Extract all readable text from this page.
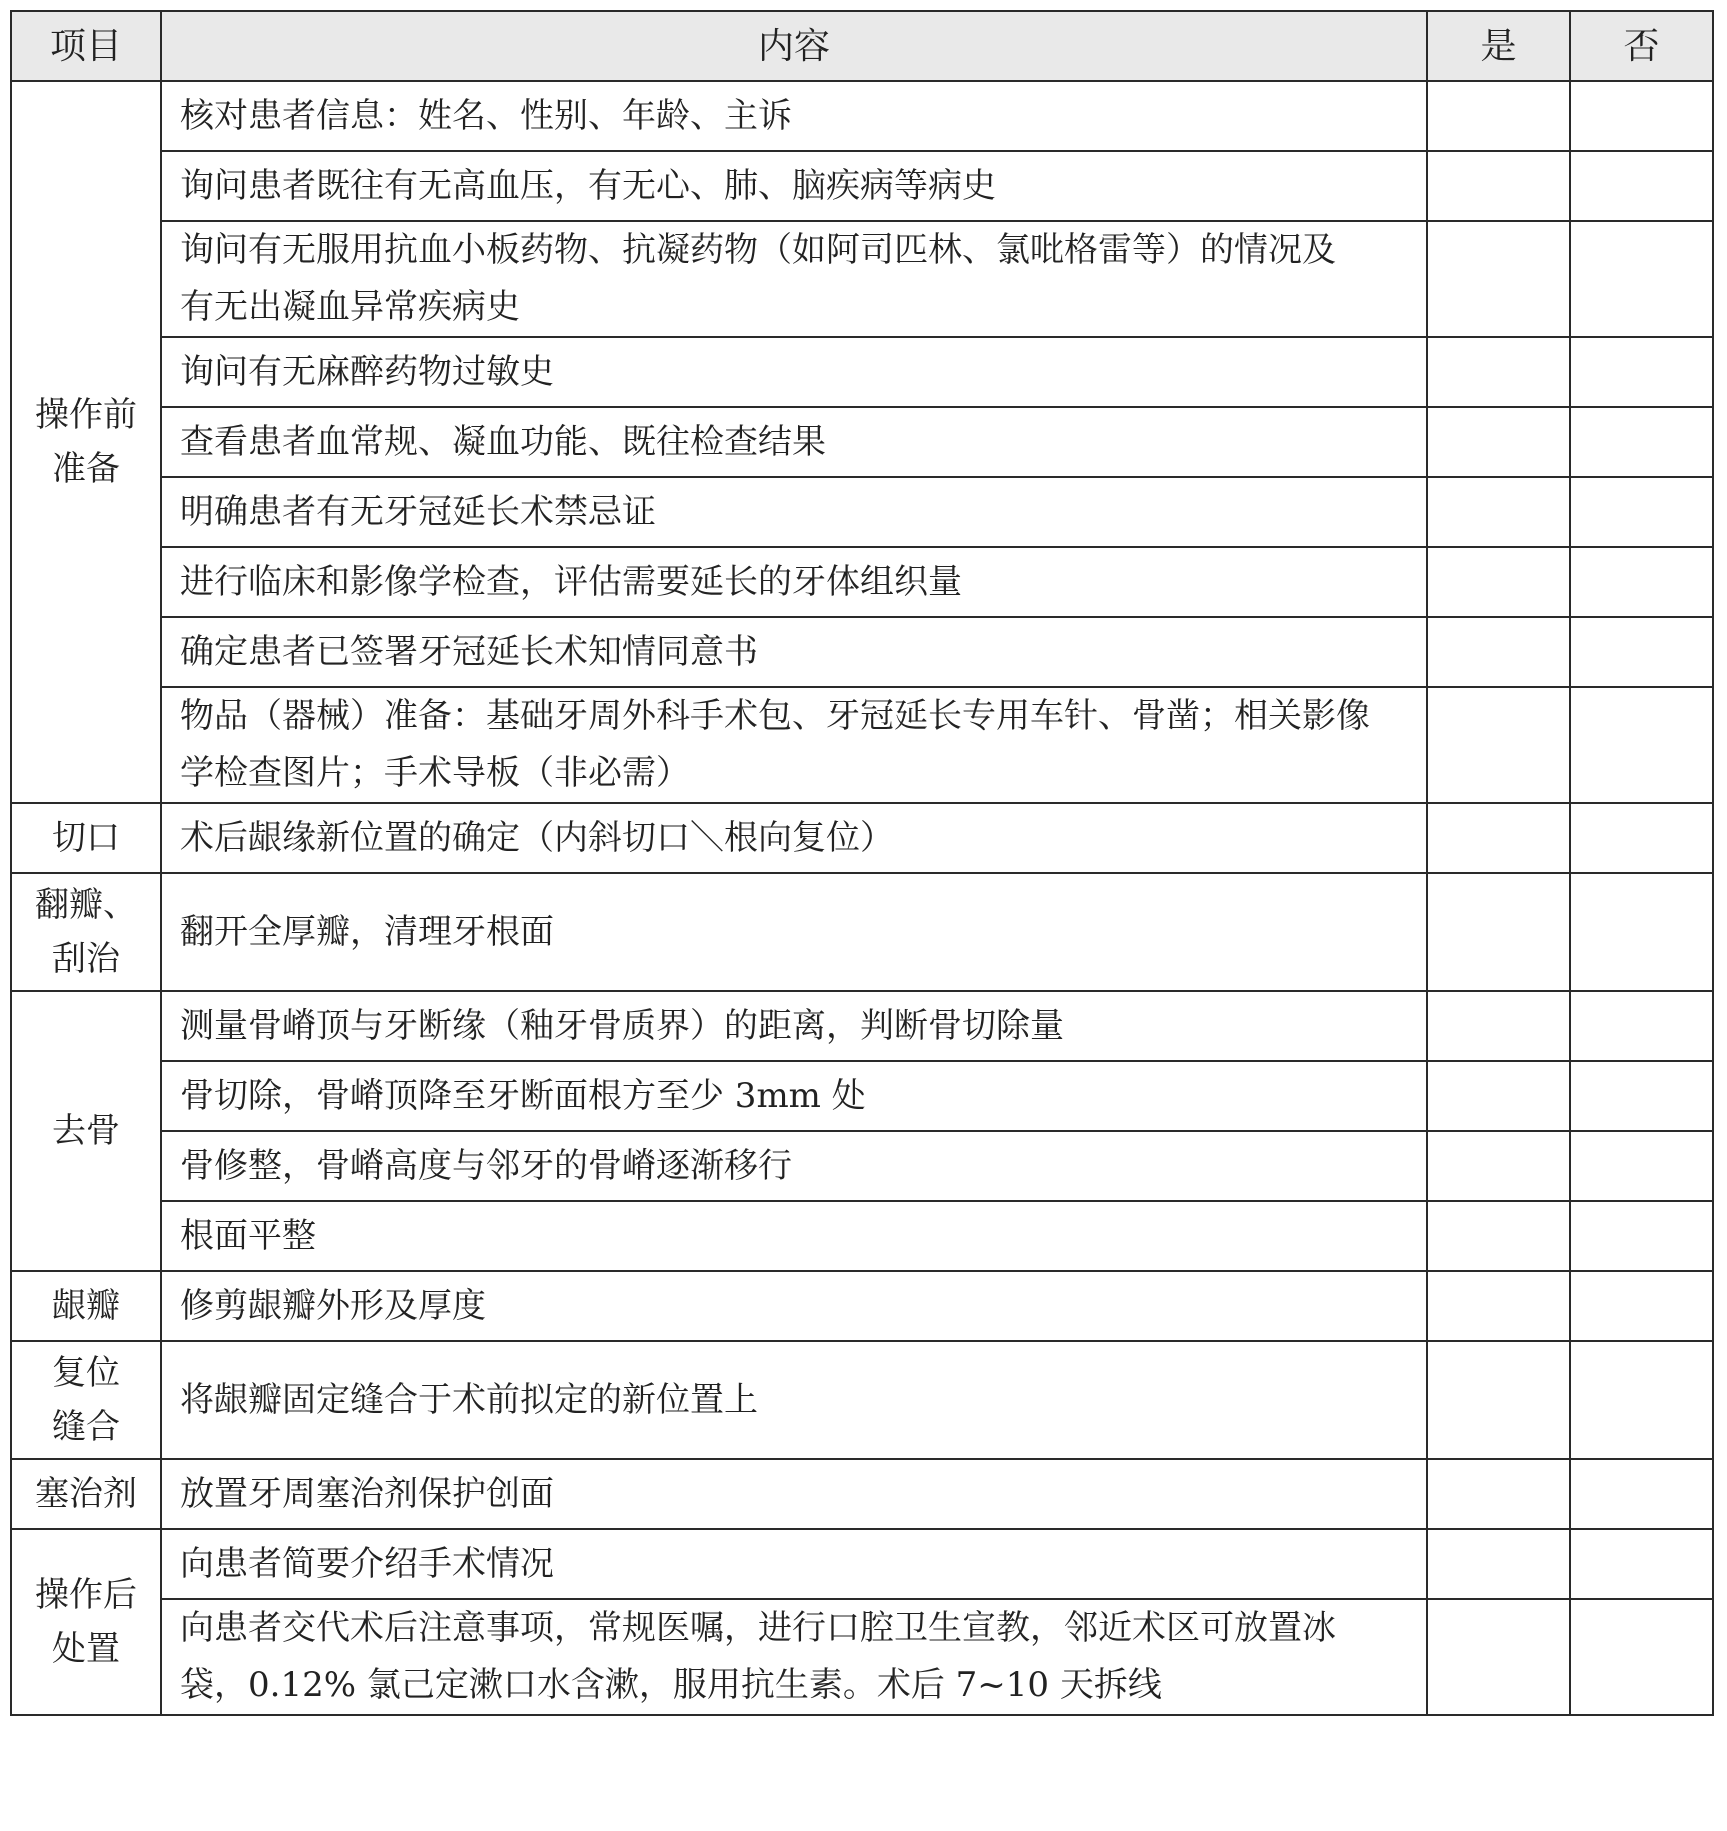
项目	内容	是	否

操作前
准备	核对患者信息：姓名、性别、年龄、主诉		

	询问患者既往有无高血压，有无心、肺、脑疾病等病史		

	询问有无服用抗血小板药物、抗凝药物（如阿司匹林、氯吡格雷等）的情况及
有无出凝血异常疾病史		

	询问有无麻醉药物过敏史		

	查看患者血常规、凝血功能、既往检查结果		

	明确患者有无牙冠延长术禁忌证		

	进行临床和影像学检查，评估需要延长的牙体组织量		

	确定患者已签署牙冠延长术知情同意书		

	物品（器械）准备：基础牙周外科手术包、牙冠延长专用车针、骨凿；相关影像
学检查图片；手术导板（非必需）		

切口	术后龈缘新位置的确定（内斜切口＼根向复位）		

翻瓣、
刮治	翻开全厚瓣，清理牙根面		

去骨	测量骨嵴顶与牙断缘（釉牙骨质界）的距离，判断骨切除量		

	骨切除，骨嵴顶降至牙断面根方至少 3mm 处		

	骨修整，骨嵴高度与邻牙的骨嵴逐渐移行		

	根面平整		

龈瓣	修剪龈瓣外形及厚度		

复位
缝合	将龈瓣固定缝合于术前拟定的新位置上		

塞治剂	放置牙周塞治剂保护创面		

操作后
处置	向患者简要介绍手术情况		

	向患者交代术后注意事项，常规医嘱，进行口腔卫生宣教，邻近术区可放置冰
袋，0.12% 氯己定漱口水含漱，服用抗生素。术后 7~10 天拆线		
